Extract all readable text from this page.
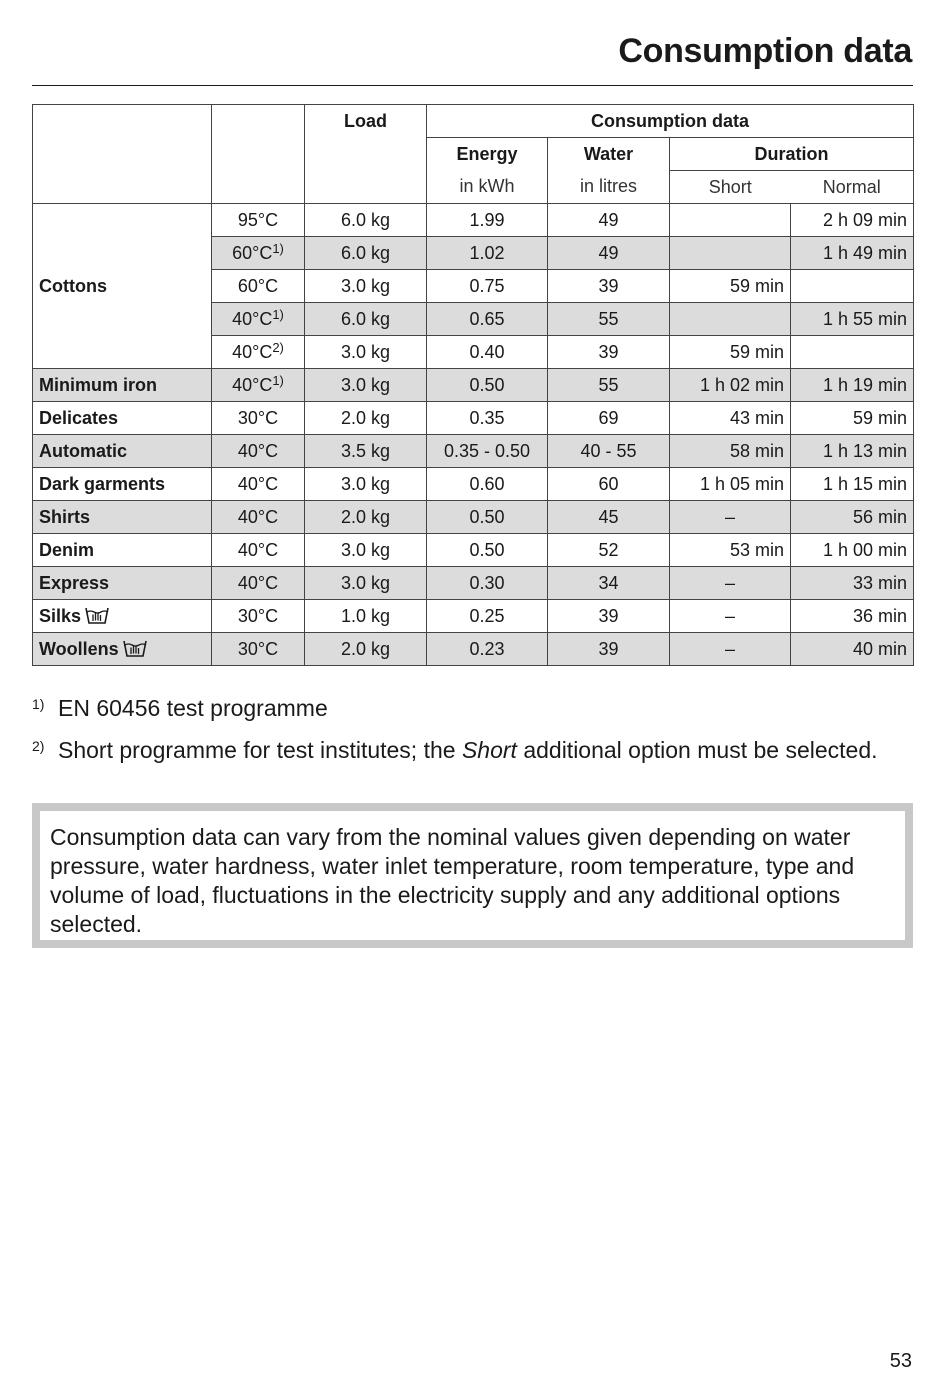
Consumption data
		Load	Consumption data			
			Energy	Water	Duration	
			in kWh	in litres	Short	Normal
Cottons	95°C	6.0 kg	1.99	49		2 h 09 min
	$60^\circ C^{1)}$	6.0 kg	1.02	49		1 h 49 min
	60°C	3.0 kg	0.75	39	59 min	
	$40^\circ C^{1)}$	6.0 kg	0.65	55		1 h 55 min
	$40^\circ C^{2)}$	3.0 kg	0.40	39	59 min	
Minimum iron	$40^\circ C^{1)}$	3.0 kg	0.50	55	1 h 02 min	1 h 19 min
Delicates	30°C	2.0 kg	0.35	69	43 min	59 min
Automatic	40°C	3.5 kg	0.35 - 0.50	40 - 55	58 min	1 h 13 min
Dark garments	40°C	3.0 kg	0.60	60	1 h 05 min	1 h 15 min
Shirts	40°C	2.0 kg	0.50	45	–	56 min
Denim	40°C	3.0 kg	0.50	52	53 min	1 h 00 min
Express	40°C	3.0 kg	0.30	34	–	33 min
Silks	30°C	1.0 kg	0.25	39	–	36 min
Woollens	30°C	2.0 kg	0.23	39	–	40 min
1) EN 60456 test programme
2) Short programme for test institutes; the Short additional option must be selected.
Consumption data can vary from the nominal values given depending on water pressure, water hardness, water inlet temperature, room temperature, type and volume of load, fluctuations in the electricity supply and any additional options selected.
53
